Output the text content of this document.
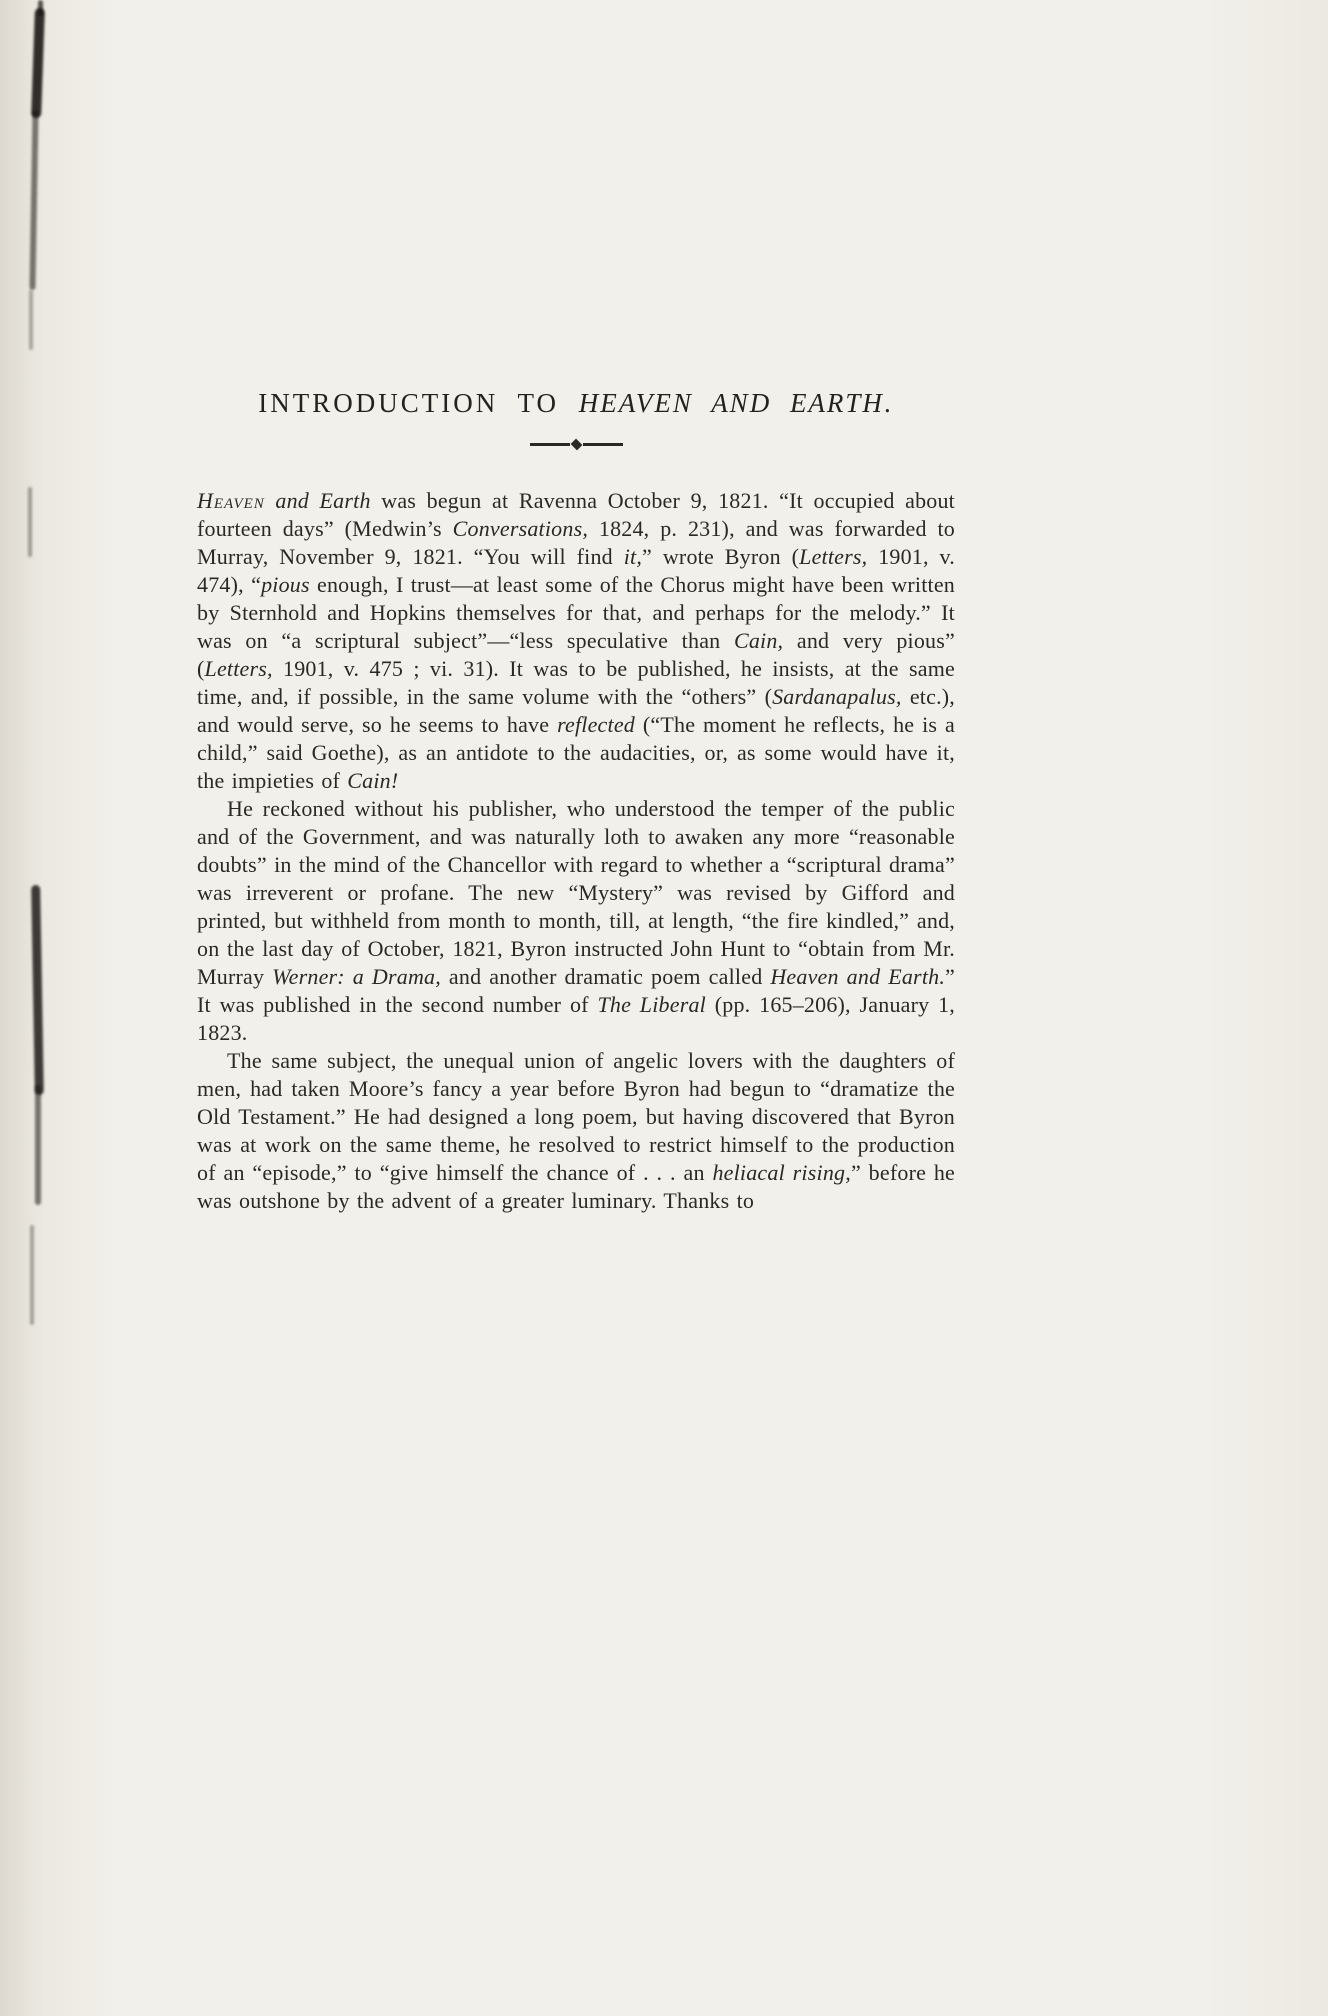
INTRODUCTION TO HEAVEN AND EARTH.

Heaven and Earth was begun at Ravenna October 9, 1821. “It occupied about fourteen days” (Medwin’s Conversations, 1824, p. 231), and was forwarded to Murray, November 9, 1821. “You will find it,” wrote Byron (Letters, 1901, v. 474), “pious enough, I trust—at least some of the Chorus might have been written by Sternhold and Hopkins themselves for that, and perhaps for the melody.” It was on “a scriptural subject”—“less speculative than Cain, and very pious” (Letters, 1901, v. 475 ; vi. 31). It was to be published, he insists, at the same time, and, if possible, in the same volume with the “others” (Sardanapalus, etc.), and would serve, so he seems to have reflected (“The moment he reflects, he is a child,” said Goethe), as an antidote to the audacities, or, as some would have it, the impieties of Cain!

He reckoned without his publisher, who understood the temper of the public and of the Government, and was naturally loth to awaken any more “reasonable doubts” in the mind of the Chancellor with regard to whether a “scriptural drama” was irreverent or profane. The new “Mystery” was revised by Gifford and printed, but withheld from month to month, till, at length, “the fire kindled,” and, on the last day of October, 1821, Byron instructed John Hunt to “obtain from Mr. Murray Werner: a Drama, and another dramatic poem called Heaven and Earth.” It was published in the second number of The Liberal (pp. 165–206), January 1, 1823.

The same subject, the unequal union of angelic lovers with the daughters of men, had taken Moore’s fancy a year before Byron had begun to “dramatize the Old Testament.” He had designed a long poem, but having discovered that Byron was at work on the same theme, he resolved to restrict himself to the production of an “episode,” to “give himself the chance of . . . an heliacal rising,” before he was outshone by the advent of a greater luminary. Thanks to
